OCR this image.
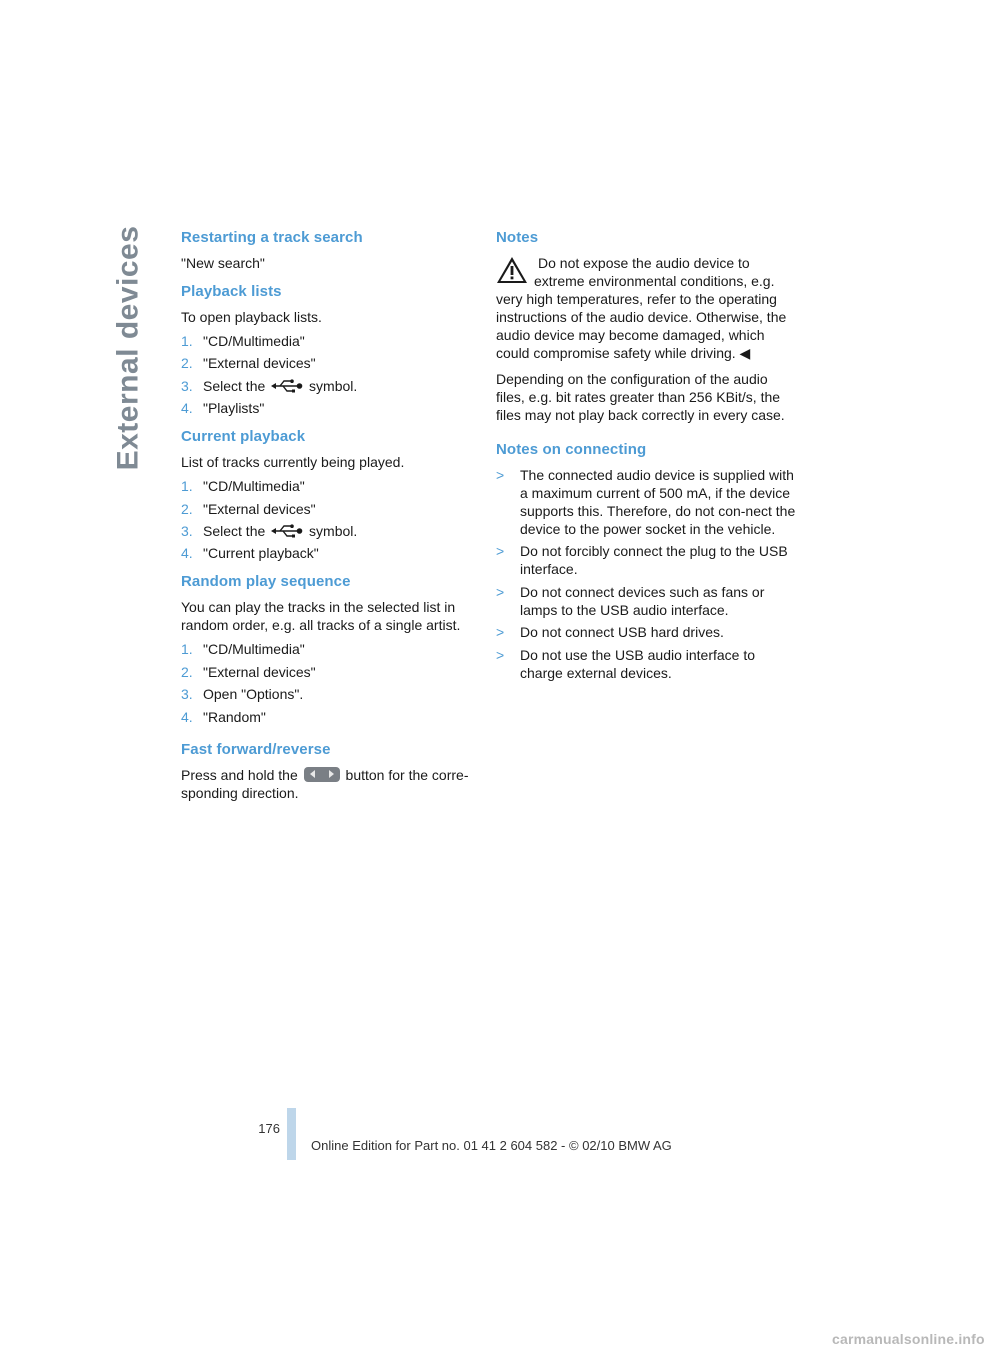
External devices Restarting a track search

"New search"

Playback lists

To open playback lists.

1. "CD/Multimedia"
2. "External devices"
3. Select the	symbol.
4. "Playlists"
Current playback

List of tracks currently being played.

1. "CD/Multimedia"
2. "External devices"
3. Select the	symbol.
4. "Current playback"
Random play sequence

You can play the tracks in the selected list in random order, e.g. all tracks of a single artist.

1. "CD/Multimedia"
2. "External devices"
3. Open "Options".
4. "Random"
Fast forward/reverse

Press and hold the	button for the corre-sponding direction.

Notes

Do not expose the audio device to extreme environmental conditions, e.g. very high temperatures, refer to the operating instructions of the audio device. Otherwise, the audio device may become damaged, which could compromise safety while driving. ◀

Depending on the configuration of the audio files, e.g. bit rates greater than 256 KBit/s, the files may not play back correctly in every case.

Notes on connecting
>	The connected audio device is supplied with a maximum current of 500 mA, if the device supports this. Therefore, do not con-nect the device to the power socket in the vehicle.
>	Do not forcibly connect the plug to the USB interface.
>	Do not connect devices such as fans or lamps to the USB audio interface.
>	Do not connect USB hard drives.
>	Do not use the USB audio interface to charge external devices.
176
Online Edition for Part no. 01 41 2 604 582 - © 02/10 BMW AG
carmanualsonline.info
